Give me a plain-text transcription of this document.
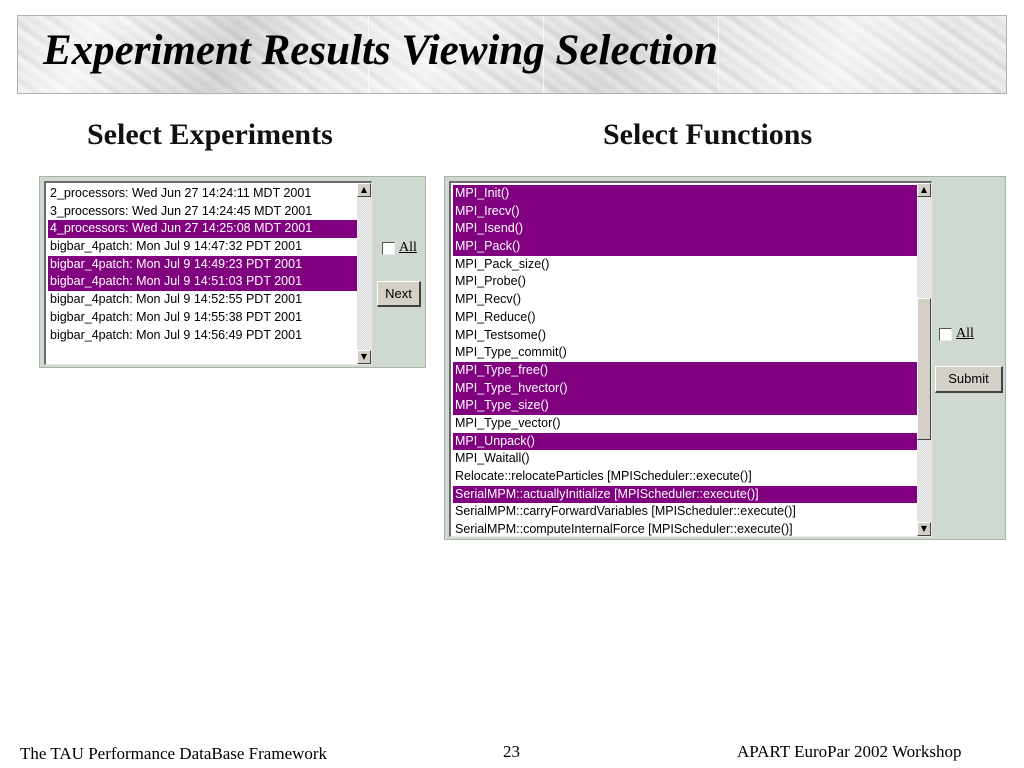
Experiment Results Viewing Selection
Select Experiments	Select Functions
2_processors: Wed Jun 27 14:24:11 MDT 2001
3_processors: Wed Jun 27 14:24:45 MDT 2001
4_processors: Wed Jun 27 14:25:08 MDT 2001
bigbar_4patch: Mon Jul 9 14:47:32 PDT 2001
bigbar_4patch: Mon Jul 9 14:49:23 PDT 2001
bigbar_4patch: Mon Jul 9 14:51:03 PDT 2001
bigbar_4patch: Mon Jul 9 14:52:55 PDT 2001
bigbar_4patch: Mon Jul 9 14:55:38 PDT 2001
bigbar_4patch: Mon Jul 9 14:56:49 PDT 2001
▲
▼
All
Next
MPI_Init()
MPI_Irecv()
MPI_Isend()
MPI_Pack()
MPI_Pack_size()
MPI_Probe()
MPI_Recv()
MPI_Reduce()
MPI_Testsome()
MPI_Type_commit()
MPI_Type_free()
MPI_Type_hvector()
MPI_Type_size()
MPI_Type_vector()
MPI_Unpack()
MPI_Waitall()
Relocate::relocateParticles [MPIScheduler::execute()]
SerialMPM::actuallyInitialize [MPIScheduler::execute()]
SerialMPM::carryForwardVariables [MPIScheduler::execute()]
SerialMPM::computeInternalForce [MPIScheduler::execute()]
▲
▼
All
Submit
The TAU Performance DataBase Framework	23	APART EuroPar 2002 Workshop
